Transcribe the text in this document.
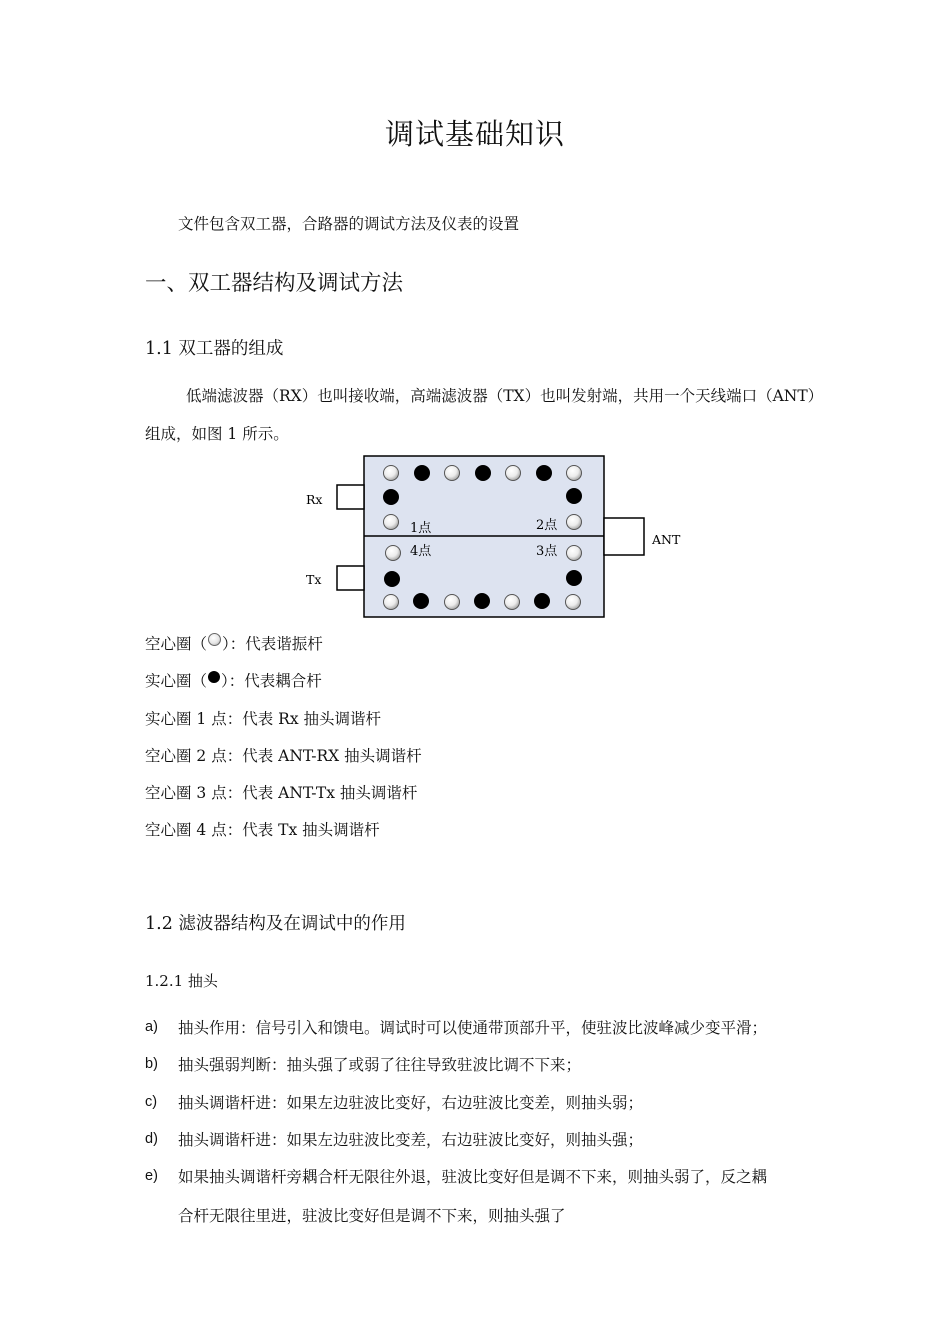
调试基础知识
文件包含双工器，合路器的调试方法及仪表的设置
一、双工器结构及调试方法
1.1 双工器的组成
低端滤波器（RX）也叫接收端，高端滤波器（TX）也叫发射端，共用一个天线端口（ANT）
组成，如图 1 所示。
Rx
Tx
ANT
1点	2点
3点
4点
空心圈（ ）：代表谐振杆
实心圈（ ）：代表耦合杆
实心圈 1 点：代表 Rx 抽头调谐杆
空心圈 2 点：代表 ANT-RX 抽头调谐杆
空心圈 3 点：代表 ANT-Tx 抽头调谐杆
空心圈 4 点：代表 Tx 抽头调谐杆
1.2 滤波器结构及在调试中的作用
1.2.1 抽头
a) 抽头作用：信号引入和馈电。调试时可以使通带顶部升平，使驻波比波峰减少变平滑；
b) 抽头强弱判断：抽头强了或弱了往往导致驻波比调不下来；
c) 抽头调谐杆进：如果左边驻波比变好，右边驻波比变差，则抽头弱；
d) 抽头调谐杆进：如果左边驻波比变差，右边驻波比变好，则抽头强；
e) 如果抽头调谐杆旁耦合杆无限往外退，驻波比变好但是调不下来，则抽头弱了，反之耦
合杆无限往里进，驻波比变好但是调不下来，则抽头强了
